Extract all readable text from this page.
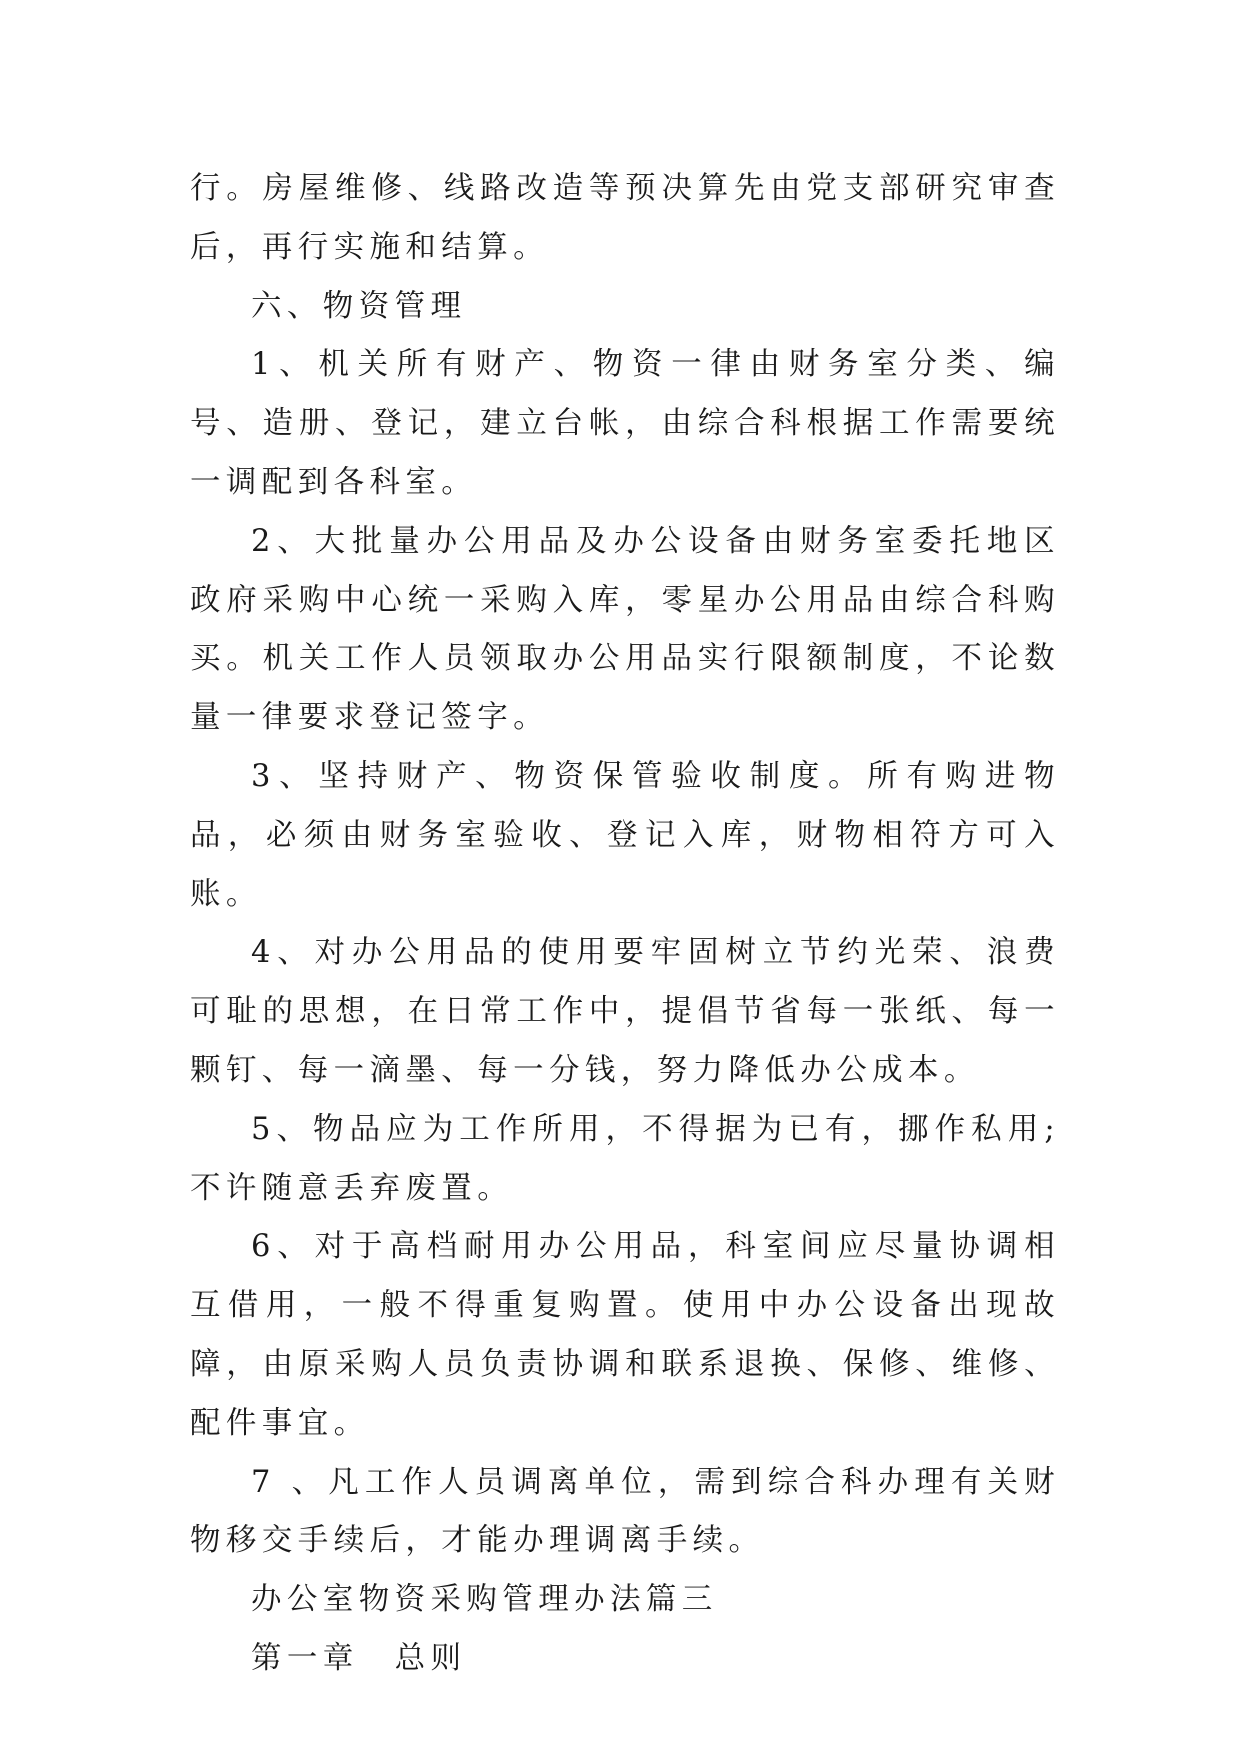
行。房屋维修、线路改造等预决算先由党支部研究审查后，再行实施和结算。

六、物资管理

1、机关所有财产、物资一律由财务室分类、编号、造册、登记，建立台帐，由综合科根据工作需要统一调配到各科室。

2、大批量办公用品及办公设备由财务室委托地区政府采购中心统一采购入库，零星办公用品由综合科购买。机关工作人员领取办公用品实行限额制度，不论数量一律要求登记签字。

3、坚持财产、物资保管验收制度。所有购进物品，必须由财务室验收、登记入库，财物相符方可入账。

4、对办公用品的使用要牢固树立节约光荣、浪费可耻的思想，在日常工作中，提倡节省每一张纸、每一颗钉、每一滴墨、每一分钱，努力降低办公成本。

5、物品应为工作所用，不得据为已有，挪作私用;不许随意丢弃废置。

6、对于高档耐用办公用品，科室间应尽量协调相互借用，一般不得重复购置。使用中办公设备出现故障，由原采购人员负责协调和联系退换、保修、维修、配件事宜。

7 、凡工作人员调离单位，需到综合科办理有关财物移交手续后，才能办理调离手续。

办公室物资采购管理办法篇三

第一章　总则
